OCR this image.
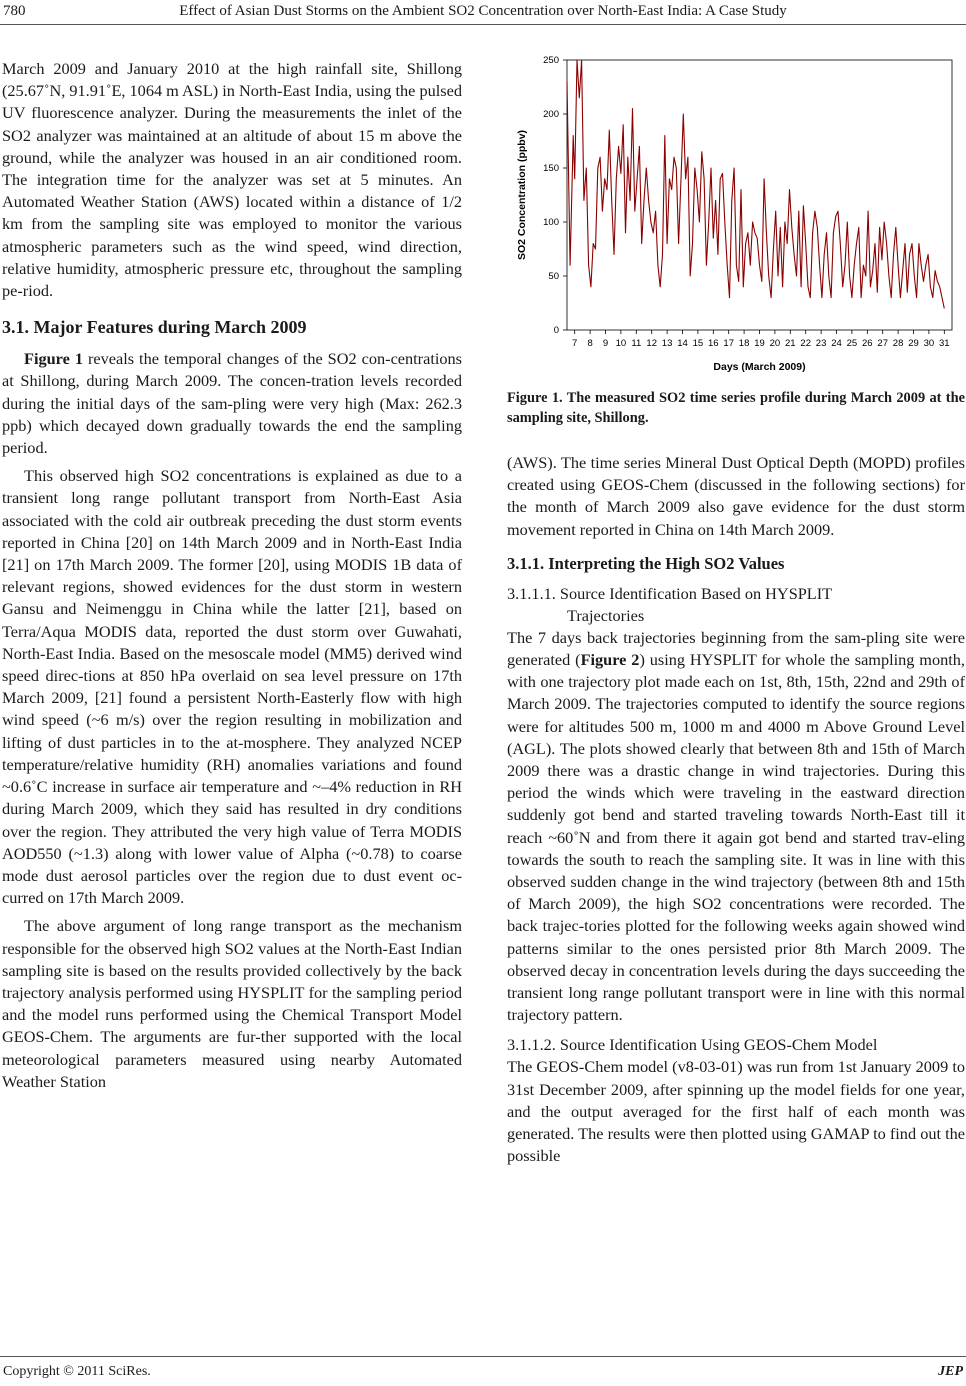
780	Effect of Asian Dust Storms on the Ambient SO2 Concentration over North-East India: A Case Study

March 2009 and January 2010 at the high rainfall site, Shillong (25.67˚N, 91.91˚E, 1064 m ASL) in North-East India, using the pulsed UV fluorescence analyzer. During the measurements the inlet of the SO2 analyzer was maintained at an altitude of about 15 m above the ground, while the analyzer was housed in an air conditioned room. The integration time for the analyzer was set at 5 minutes. An Automated Weather Station (AWS) located within a distance of 1/2 km from the sampling site was employed to monitor the various atmospheric parameters such as the wind speed, wind direction, relative humidity, atmospheric pressure etc, throughout the sampling pe-riod.

3.1. Major Features during March 2009

Figure 1 reveals the temporal changes of the SO2 con-centrations at Shillong, during March 2009. The concen-tration levels recorded during the initial days of the sam-pling were very high (Max: 262.3 ppb) which decayed down gradually towards the end the sampling period.

This observed high SO2 concentrations is explained as due to a transient long range pollutant transport from North-East Asia associated with the cold air outbreak preceding the dust storm events reported in China [20] on 14th March 2009 and in North-East India [21] on 17th March 2009. The former [20], using MODIS 1B data of relevant regions, showed evidences for the dust storm in western Gansu and Neimenggu in China while the latter [21], based on Terra/Aqua MODIS data, reported the dust storm over Guwahati, North-East India. Based on the mesoscale model (MM5) derived wind speed direc-tions at 850 hPa overlaid on sea level pressure on 17th March 2009, [21] found a persistent North-Easterly flow with high wind speed (~6 m/s) over the region resulting in mobilization and lifting of dust particles in to the at-mosphere. They analyzed NCEP temperature/relative humidity (RH) anomalies variations and found ~0.6˚C increase in surface air temperature and ~–4% reduction in RH during March 2009, which they said has resulted in dry conditions over the region. They attributed the very high value of Terra MODIS AOD550 (~1.3) along with lower value of Alpha (~0.78) to coarse mode dust aerosol particles over the region due to dust event oc-curred on 17th March 2009.

The above argument of long range transport as the mechanism responsible for the observed high SO2 values at the North-East Indian sampling site is based on the results provided collectively by the back trajectory analysis performed using HYSPLIT for the sampling period and the model runs performed using the Chemical Transport Model GEOS-Chem. The arguments are fur-ther supported with the local meteorological parameters measured using nearby Automated Weather Station

0
50
100
150
200
250
7 8 9 10 11 12 13 14 15 16 17 18 19 20 21 22 23 24 25 26 27 28 29 30 31
Days (March 2009)
SO2 Concentration (ppbv)
Figure 1. The measured SO2 time series profile during March 2009 at the sampling site, Shillong.

(AWS). The time series Mineral Dust Optical Depth (MOPD) profiles created using GEOS-Chem (discussed in the following sections) for the month of March 2009 also gave evidence for the dust storm movement reported in China on 14th March 2009.

3.1.1. Interpreting the High SO2 Values
3.1.1.1. Source Identification Based on HYSPLIT
Trajectories

The 7 days back trajectories beginning from the sam-pling site were generated (Figure 2) using HYSPLIT for whole the sampling month, with one trajectory plot made each on 1st, 8th, 15th, 22nd and 29th of March 2009. The trajectories computed to identify the source regions were for altitudes 500 m, 1000 m and 4000 m Above Ground Level (AGL). The plots showed clearly that between 8th and 15th of March 2009 there was a drastic change in wind trajectories. During this period the winds which were traveling in the eastward direction suddenly got bend and started traveling towards North-East till it reach ~60˚N and from there it again got bend and started trav-eling towards the south to reach the sampling site. It was in line with this observed sudden change in the wind trajectory (between 8th and 15th of March 2009), the high SO2 concentrations were recorded. The back trajec-tories plotted for the following weeks again showed wind patterns similar to the ones persisted prior 8th March 2009. The observed decay in concentration levels during the days succeeding the transient long range pollutant transport were in line with this normal trajectory pattern.

3.1.1.2. Source Identification Using GEOS-Chem Model

The GEOS-Chem model (v8-03-01) was run from 1st January 2009 to 31st December 2009, after spinning up the model fields for one year, and the output averaged for the first half of each month was generated. The results were then plotted using GAMAP to find out the possible

Copyright © 2011 SciRes.	JEP
